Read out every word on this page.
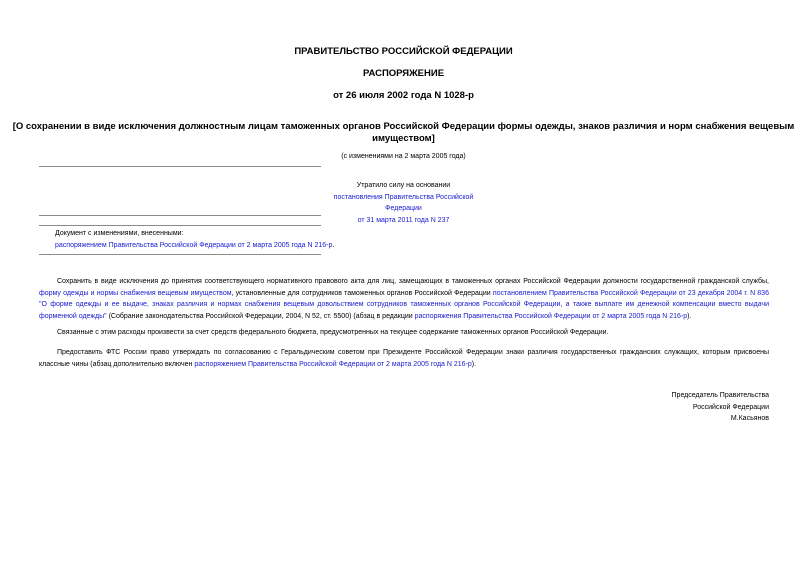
ПРАВИТЕЛЬСТВО РОССИЙСКОЙ ФЕДЕРАЦИИ
РАСПОРЯЖЕНИЕ
от 26 июля 2002 года N 1028-р
[О сохранении в виде исключения должностным лицам таможенных органов Российской Федерации формы одежды, знаков различия и норм снабжения вещевым
имуществом]
(с изменениями на 2 марта 2005 года)
Утратило силу на основании
постановления Правительства Российской Федерации
от 31 марта 2011 года N 237
Документ с изменениями, внесенными:
распоряжением Правительства Российской Федерации от 2 марта 2005 года N 216-р.
Сохранить в виде исключения до принятия соответствующего нормативного правового акта для лиц, замещающих в таможенных органах Российской Федерации должности государственной гражданской службы, форму одежды и нормы снабжения вещевым имуществом, установленные для сотрудников таможенных органов Российской Федерации постановлением Правительства Российской Федерации от 23 декабря 2004 г. N 836 "О форме одежды и ее выдаче, знаках различия и нормах снабжения вещевым довольствием сотрудников таможенных органов Российской Федерации, а также выплате им денежной компенсации вместо выдачи форменной одежды" (Собрание законодательства Российской Федерации, 2004, N 52, ст. 5500) (абзац в редакции распоряжения Правительства Российской Федерации от 2 марта 2005 года N 216-р).
Связанные с этим расходы произвести за счет средств федерального бюджета, предусмотренных на текущее содержание таможенных органов Российской Федерации.
Предоставить ФТС России право утверждать по согласованию с Геральдическим советом при Президенте Российской Федерации знаки различия государственных гражданских служащих, которым присвоены классные чины (абзац дополнительно включен распоряжением Правительства Российской Федерации от 2 марта 2005 года N 216-р).
Председатель Правительства
Российской Федерации
М.Касьянов
